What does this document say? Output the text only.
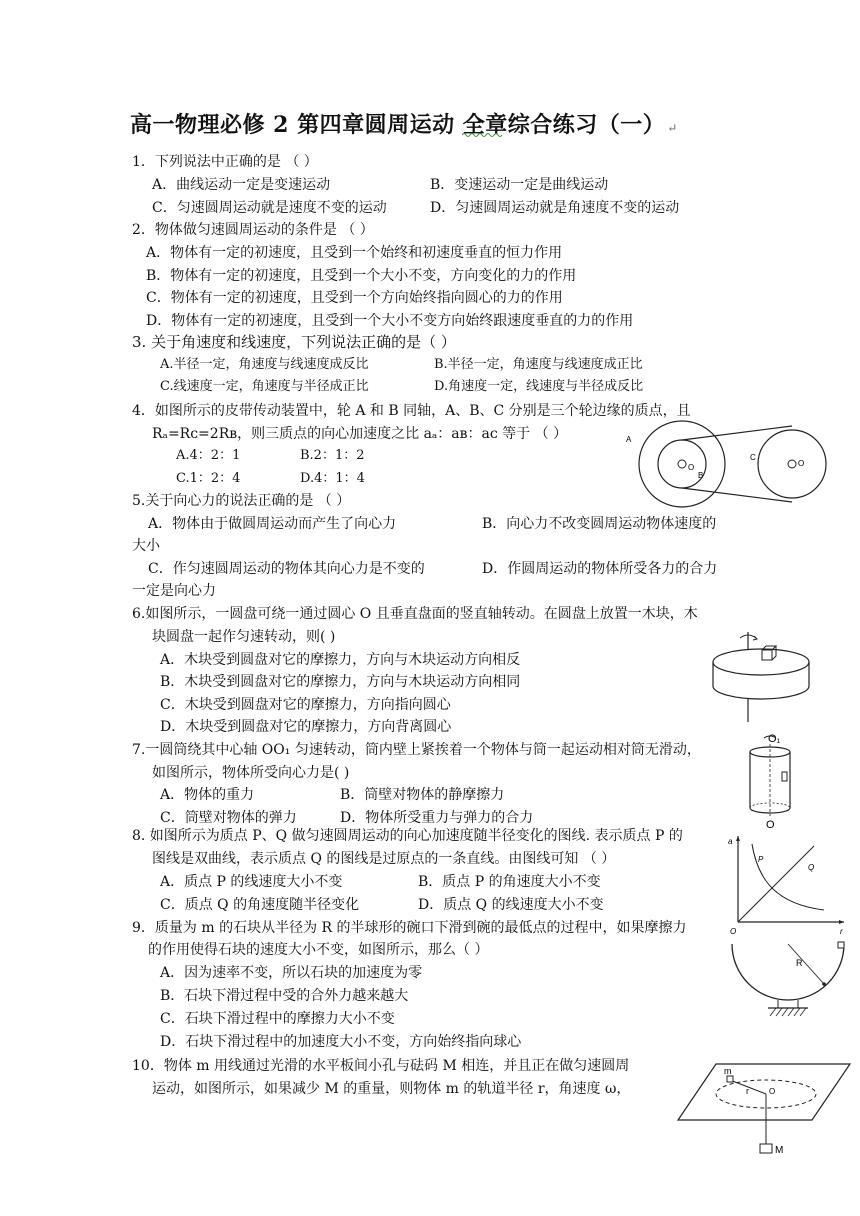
高一物理必修 2 第四章圆周运动 全章综合练习（一） ↵
1．下列说法中正确的是 （ ）
A．曲线运动一定是变速运动	B．变速运动一定是曲线运动
C．匀速圆周运动就是速度不变的运动	D．匀速圆周运动就是角速度不变的运动
2．物体做匀速圆周运动的条件是 （ ）
A．物体有一定的初速度，且受到一个始终和初速度垂直的恒力作用
B．物体有一定的初速度，且受到一个大小不变，方向变化的力的作用
C．物体有一定的初速度，且受到一个方向始终指向圆心的力的作用
D．物体有一定的初速度，且受到一个大小不变方向始终跟速度垂直的力的作用
3. 关于角速度和线速度，下列说法正确的是（ ）
A.半径一定，角速度与线速度成反比	B.半径一定，角速度与线速度成正比
C.线速度一定，角速度与半径成正比	D.角速度一定，线速度与半径成反比
4．如图所示的皮带传动装置中，轮 A 和 B 同轴，A、B、C 分别是三个轮边缘的质点，且
Rₐ=Rᴄ=2Rʙ，则三质点的向心加速度之比 aₐ：aʙ：aᴄ 等于 （ ）
A.4：2：1	B.2：1：2
C.1：2：4	D.4：1：4
A
O
B
C
O
5.关于向心力的说法正确的是 （ ）
A．物体由于做圆周运动而产生了向心力	B．向心力不改变圆周运动物体速度的
大小
C．作匀速圆周运动的物体其向心力是不变的	D．作圆周运动的物体所受各力的合力
一定是向心力
6.如图所示，一圆盘可绕一通过圆心 O 且垂直盘面的竖直轴转动。在圆盘上放置一木块，木
块圆盘一起作匀速转动，则( )
A．木块受到圆盘对它的摩擦力，方向与木块运动方向相反
B．木块受到圆盘对它的摩擦力，方向与木块运动方向相同
C．木块受到圆盘对它的摩擦力，方向指向圆心
D．木块受到圆盘对它的摩擦力，方向背离圆心
7.一圆筒绕其中心轴 OO₁ 匀速转动，筒内壁上紧挨着一个物体与筒一起运动相对筒无滑动，
如图所示，物体所受向心力是( )
A．物体的重力	B．筒壁对物体的静摩擦力
C．筒壁对物体的弹力	D．物体所受重力与弹力的合力
O₁
O
8. 如图所示为质点 P、Q 做匀速圆周运动的向心加速度随半径变化的图线. 表示质点 P 的
图线是双曲线，表示质点 Q 的图线是过原点的一条直线。由图线可知 （ ）
A．质点 P 的线速度大小不变	B．质点 P 的角速度大小不变
C．质点 Q 的角速度随半径变化	D．质点 Q 的线速度大小不变
a
r
O
P
Q
9．质量为 m 的石块从半径为 R 的半球形的碗口下滑到碗的最低点的过程中，如果摩擦力
的作用使得石块的速度大小不变，如图所示，那么（ ）
A．因为速率不变，所以石块的加速度为零
B．石块下滑过程中受的合外力越来越大
C．石块下滑过程中的摩擦力大小不变
D．石块下滑过程中的加速度大小不变，方向始终指向球心
R
10．物体 m 用线通过光滑的水平板间小孔与砝码 M 相连，并且正在做匀速圆周
运动，如图所示，如果减少 M 的重量，则物体 m 的轨道半径 r，角速度 ω，
m
r	O
M
